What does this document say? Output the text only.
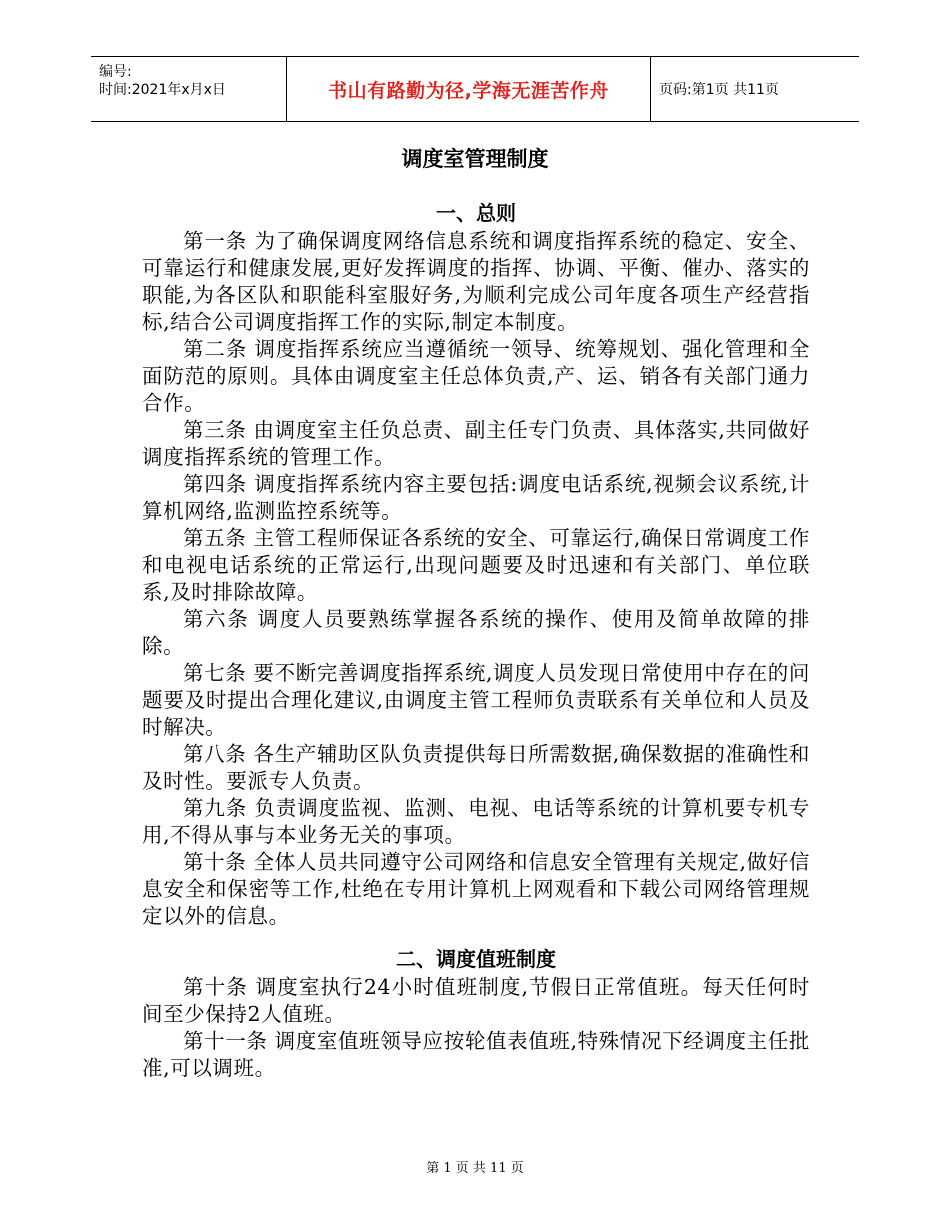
编号:
时间:2021年x月x日	书山有路勤为径,学海无涯苦作舟	页码:第1页 共11页
调度室管理制度
一、总则

第一条 为了确保调度网络信息系统和调度指挥系统的稳定、安全、可靠运行和健康发展,更好发挥调度的指挥、协调、平衡、催办、落实的职能,为各区队和职能科室服好务,为顺利完成公司年度各项生产经营指标,结合公司调度指挥工作的实际,制定本制度。

第二条 调度指挥系统应当遵循统一领导、统筹规划、强化管理和全面防范的原则。具体由调度室主任总体负责,产、运、销各有关部门通力合作。

第三条 由调度室主任负总责、副主任专门负责、具体落实,共同做好调度指挥系统的管理工作。

第四条 调度指挥系统内容主要包括:调度电话系统,视频会议系统,计算机网络,监测监控系统等。

第五条 主管工程师保证各系统的安全、可靠运行,确保日常调度工作和电视电话系统的正常运行,出现问题要及时迅速和有关部门、单位联系,及时排除故障。

第六条 调度人员要熟练掌握各系统的操作、使用及简单故障的排除。

第七条 要不断完善调度指挥系统,调度人员发现日常使用中存在的问题要及时提出合理化建议,由调度主管工程师负责联系有关单位和人员及时解决。

第八条 各生产辅助区队负责提供每日所需数据,确保数据的准确性和及时性。要派专人负责。

第九条 负责调度监视、监测、电视、电话等系统的计算机要专机专用,不得从事与本业务无关的事项。

第十条 全体人员共同遵守公司网络和信息安全管理有关规定,做好信息安全和保密等工作,杜绝在专用计算机上网观看和下载公司网络管理规定以外的信息。

二、调度值班制度

第十条 调度室执行24小时值班制度,节假日正常值班。每天任何时间至少保持2人值班。

第十一条 调度室值班领导应按轮值表值班,特殊情况下经调度主任批准,可以调班。

第 1 页 共 11 页
